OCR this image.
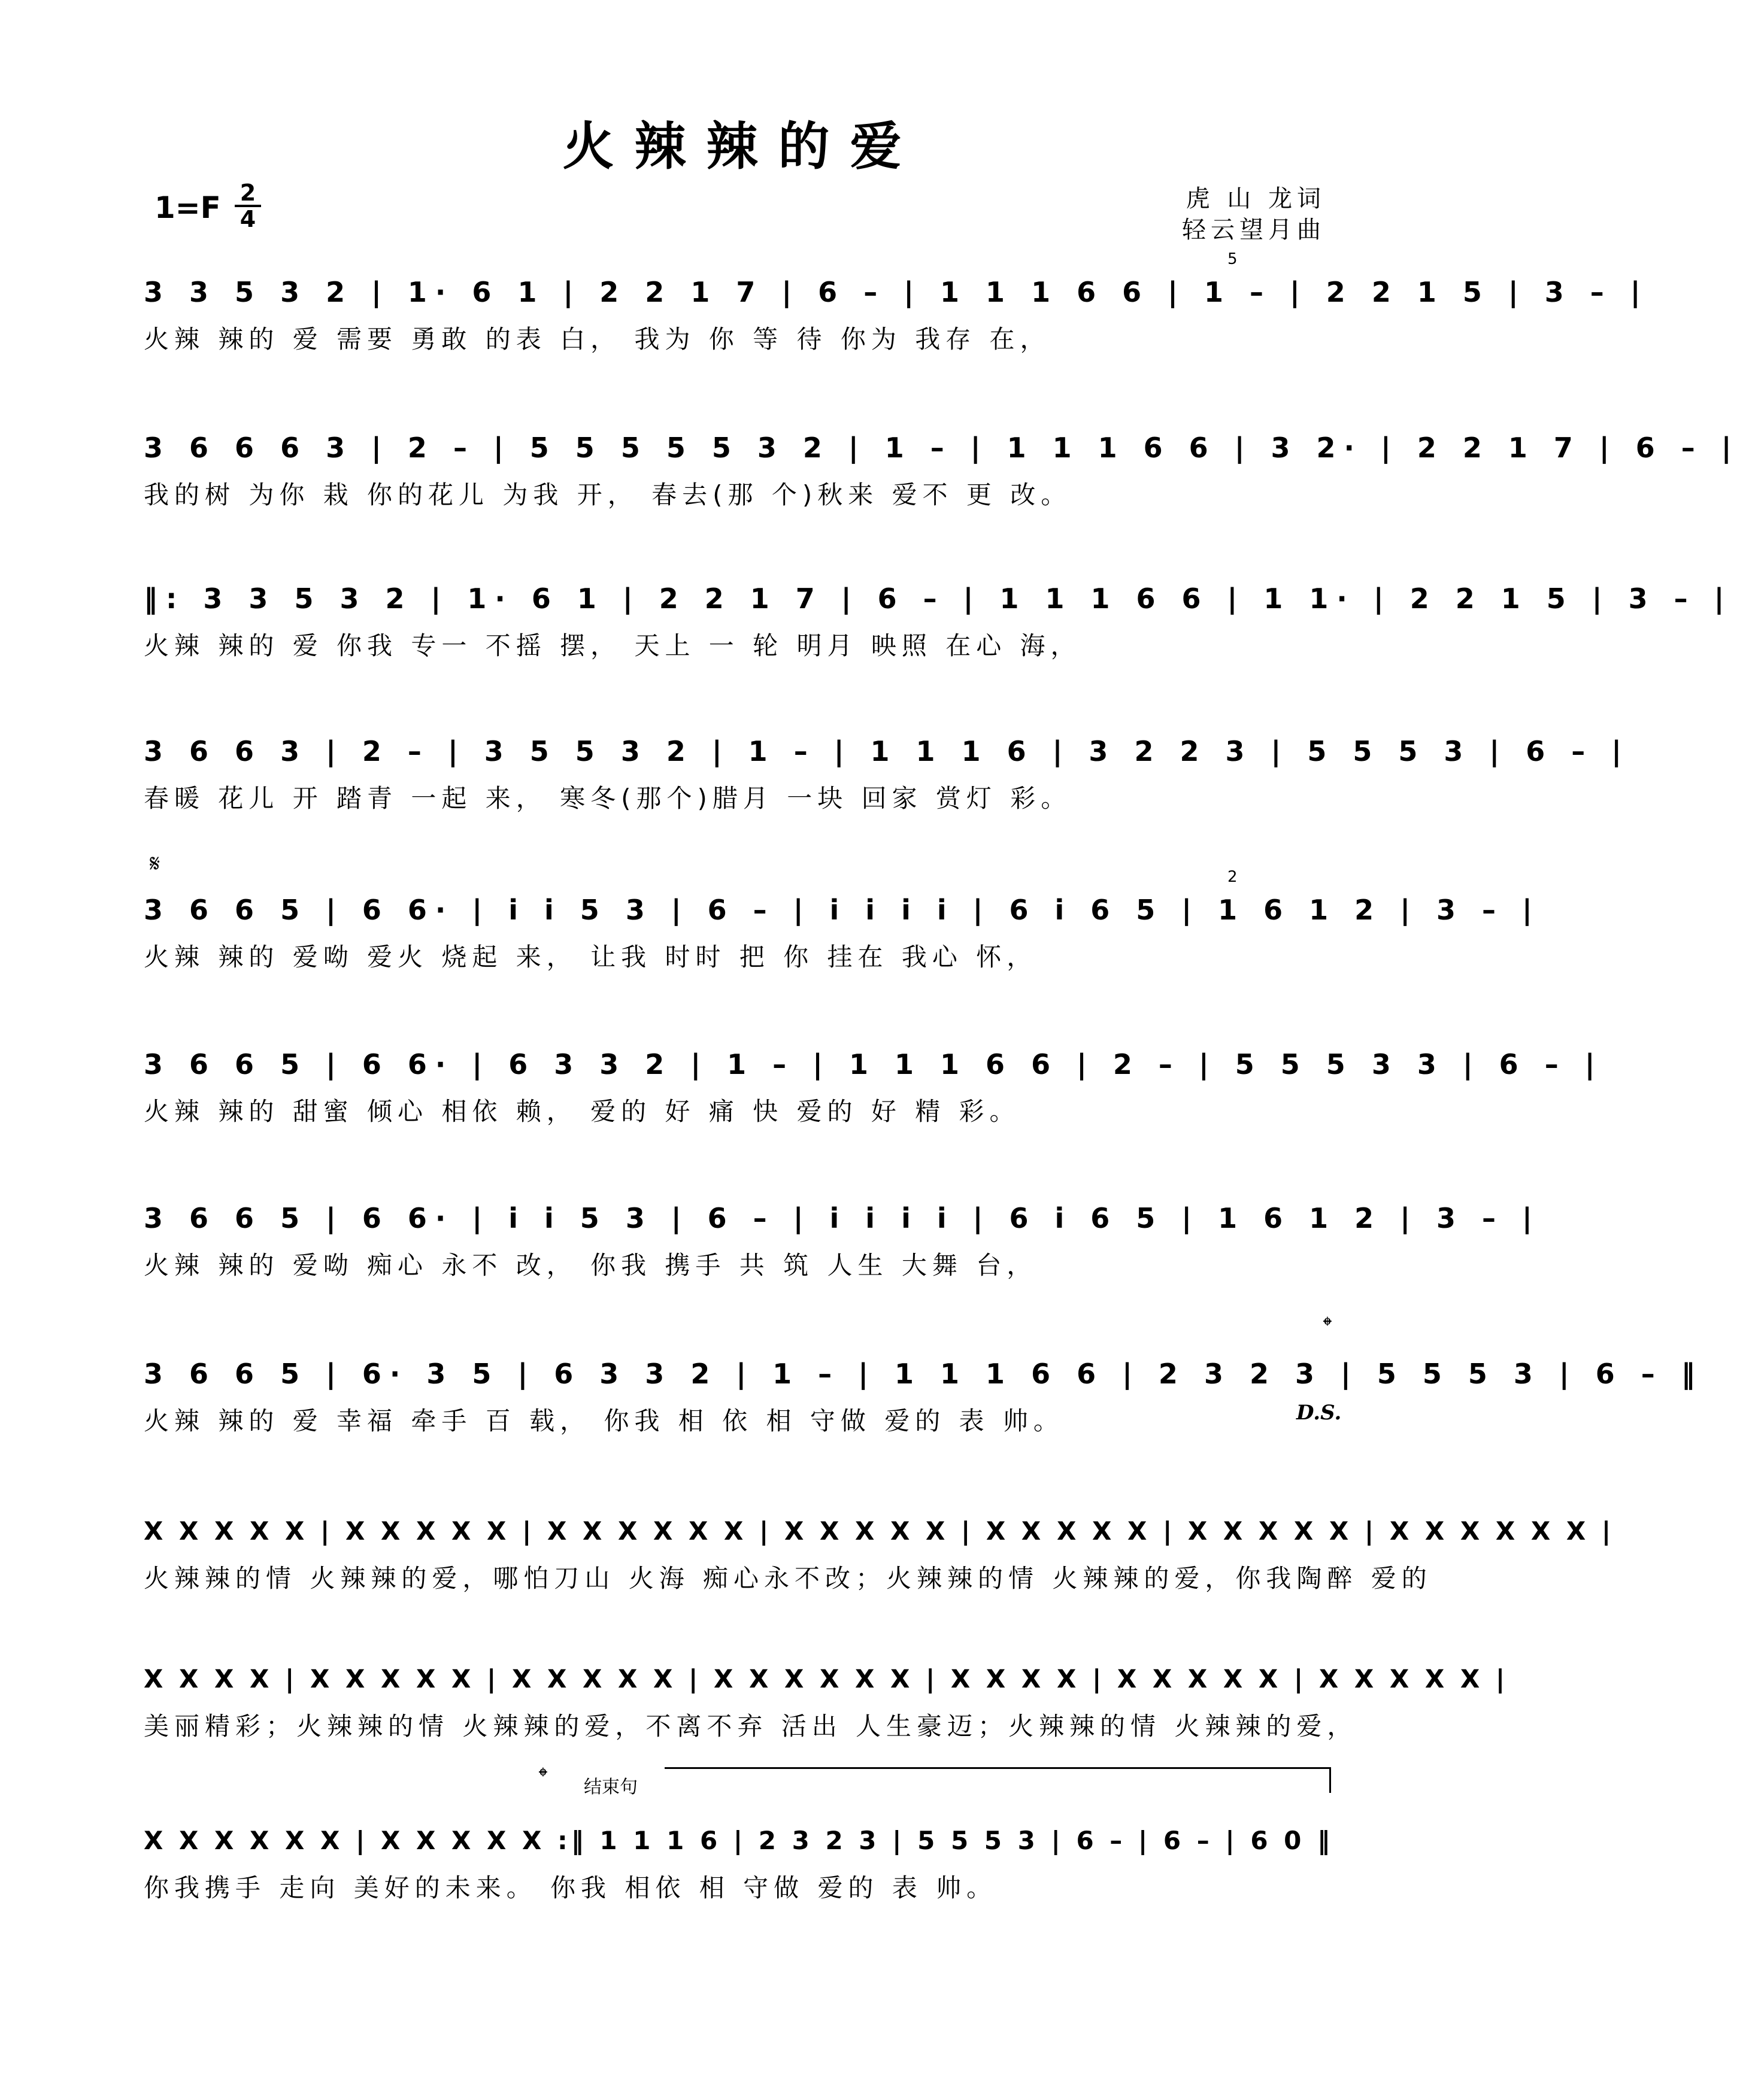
火辣辣的爱
1=F 2
4
虎 山 龙词
轻云望月曲
3 3 5 3 2 | 1· 6 1 | 2 2 1 7 | 6 – | 1 1 1 6 6 | 1 – | 2 2 1 5 | 3 – |
火辣 辣的 爱 需要 勇敢 的表 白， 我为 你 等 待 你为 我存 在，
5
3 6 6 6 3 | 2 – | 5 5 5 5 5 3 2 | 1 – | 1 1 1 6 6 | 3 2· | 2 2 1 7 | 6 – |
我的树 为你 栽 你的花儿 为我 开， 春去(那 个)秋来 爱不 更 改。
‖: 3 3 5 3 2 | 1· 6 1 | 2 2 1 7 | 6 – | 1 1 1 6 6 | 1 1· | 2 2 1 5 | 3 – |
火辣 辣的 爱 你我 专一 不摇 摆， 天上 一 轮 明月 映照 在心 海，
3 6 6 3 | 2 – | 3 5 5 3 2 | 1 – | 1 1 1 6 | 3 2 2 3 | 5 5 5 3 | 6 – |
春暖 花儿 开 踏青 一起 来， 寒冬(那个)腊月 一块 回家 赏灯 彩。
𝄋	2
3 6 6 5 | 6 6· | i i 5 3 | 6 – | i i i i | 6 i 6 5 | 1 6 1 2 | 3 – |
火辣 辣的 爱呦 爱火 烧起 来， 让我 时时 把 你 挂在 我心 怀，
3 6 6 5 | 6 6· | 6 3 3 2 | 1 – | 1 1 1 6 6 | 2 – | 5 5 5 3 3 | 6 – |
火辣 辣的 甜蜜 倾心 相依 赖， 爱的 好 痛 快 爱的 好 精 彩。
3 6 6 5 | 6 6· | i i 5 3 | 6 – | i i i i | 6 i 6 5 | 1 6 1 2 | 3 – |
火辣 辣的 爱呦 痴心 永不 改， 你我 携手 共 筑 人生 大舞 台，
𝄌
3 6 6 5 | 6· 3 5 | 6 3 3 2 | 1 – | 1 1 1 6 6 | 2 3 2 3 | 5 5 5 3 | 6 – ‖
火辣 辣的 爱 幸福 牵手 百 载， 你我 相 依 相 守做 爱的 表 帅。	D.S.
X X X X X | X X X X X | X X X X X X | X X X X X | X X X X X | X X X X X | X X X X X X |
火辣辣的情 火辣辣的爱，哪怕刀山 火海 痴心永不改；火辣辣的情 火辣辣的爱，你我陶醉 爱的
X X X X | X X X X X | X X X X X | X X X X X X | X X X X | X X X X X | X X X X X |
美丽精彩；火辣辣的情 火辣辣的爱，不离不弃 活出 人生豪迈；火辣辣的情 火辣辣的爱，
𝄌 结束句
X X X X X X | X X X X X :‖ 1 1 1 6 | 2 3 2 3 | 5 5 5 3 | 6 – | 6 – | 6 0 ‖
你我携手 走向 美好的未来。 你我 相依 相 守做 爱的 表 帅。
